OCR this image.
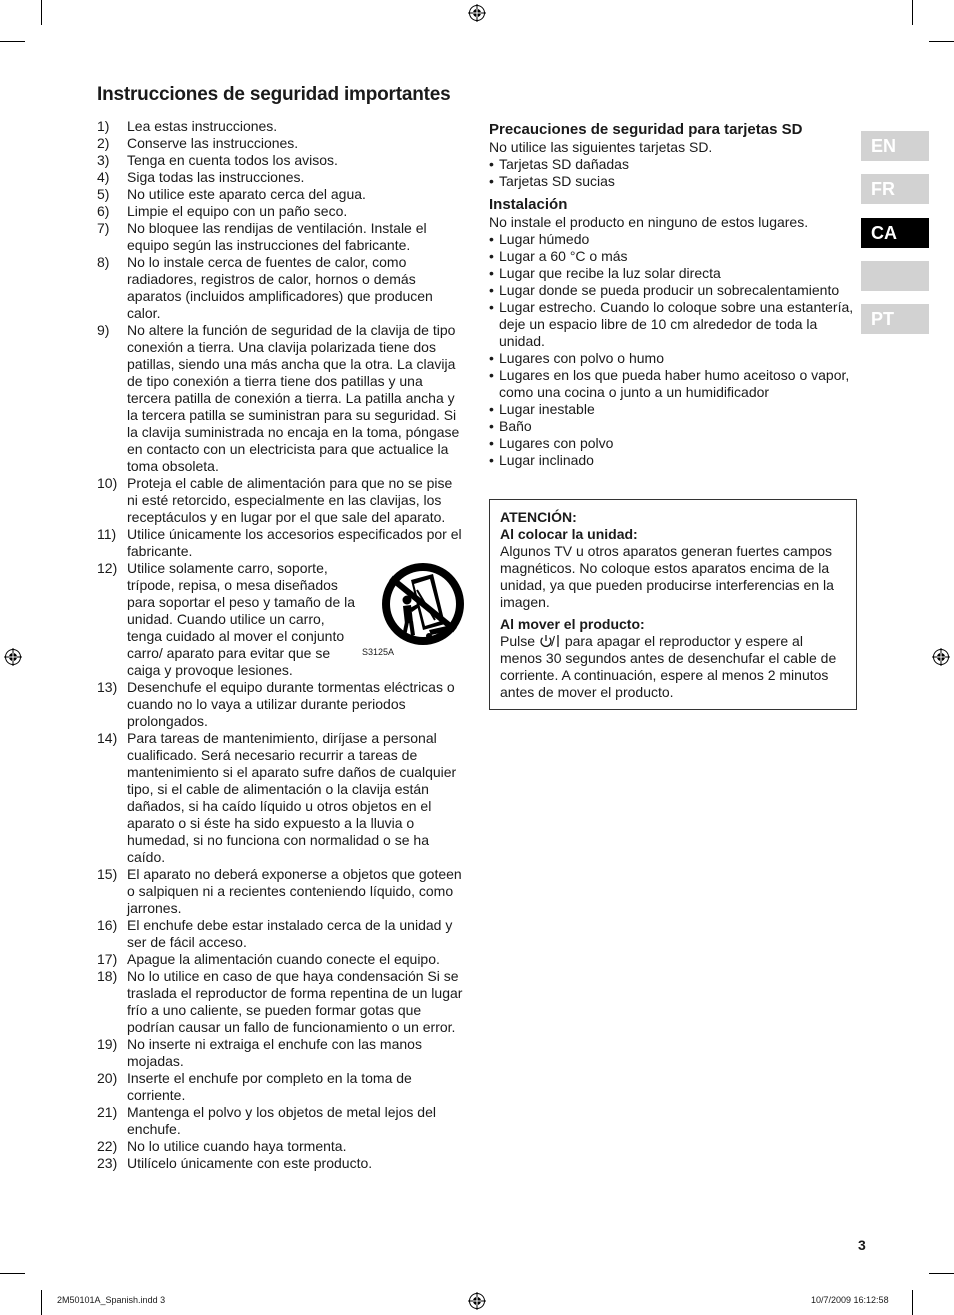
Instrucciones de seguridad importantes
1) Lea estas instrucciones.
2) Conserve las instrucciones.
3) Tenga en cuenta todos los avisos.
4) Siga todas las instrucciones.
5) No utilice este aparato cerca del agua.
6) Limpie el equipo con un paño seco.
7) No bloquee las rendijas de ventilación. Instale el equipo según las instrucciones del fabricante.
8) No lo instale cerca de fuentes de calor, como radiadores, registros de calor, hornos o demás aparatos (incluidos amplificadores) que producen calor.
9) No altere la función de seguridad de la clavija de tipo conexión a tierra. Una clavija polarizada tiene dos patillas, siendo una más ancha que la otra. La clavija de tipo conexión a tierra tiene dos patillas y una tercera patilla de conexión a tierra. La patilla ancha y la tercera patilla se suministran para su seguridad. Si la clavija suministrada no encaja en la toma, póngase en contacto con un electricista para que actualice la toma obsoleta.
10) Proteja el cable de alimentación para que no se pise ni esté retorcido, especialmente en las clavijas, los receptáculos y en lugar por el que sale del aparato.
11) Utilice únicamente los accesorios especificados por el fabricante.
12)
S3125A
Utilice solamente carro, soporte, trípode, repisa, o mesa diseñados para soportar el peso y tamaño de la unidad. Cuando utilice un carro, tenga cuidado al mover el conjunto carro/ aparato para evitar que se caiga y provoque lesiones.
13) Desenchufe el equipo durante tormentas eléctricas o cuando no lo vaya a utilizar durante periodos prolongados.
14) Para tareas de mantenimiento, diríjase a personal cualificado. Será necesario recurrir a tareas de mantenimiento si el aparato sufre daños de cualquier tipo, si el cable de alimentación o la clavija están dañados, si ha caído líquido u otros objetos en el aparato o si éste ha sido expuesto a la lluvia o humedad, si no funciona con normalidad o se ha caído.
15) El aparato no deberá exponerse a objetos que goteen o salpiquen ni a recientes conteniendo líquido, como jarrones.
16) El enchufe debe estar instalado cerca de la unidad y ser de fácil acceso.
17) Apague la alimentación cuando conecte el equipo.
18) No lo utilice en caso de que haya condensación Si se traslada el reproductor de forma repentina de un lugar frío a uno caliente, se pueden formar gotas que podrían causar un fallo de funcionamiento o un error.
19) No inserte ni extraiga el enchufe con las manos mojadas.
20) Inserte el enchufe por completo en la toma de corriente.
21) Mantenga el polvo y los objetos de metal lejos del enchufe.
22) No lo utilice cuando haya tormenta.
23) Utilícelo únicamente con este producto.
Precauciones de seguridad para tarjetas SD

No utilice las siguientes tarjetas SD.

• Tarjetas SD dañadas
• Tarjetas SD sucias
Instalación

No instale el producto en ninguno de estos lugares.

• Lugar húmedo
• Lugar a 60 °C o más
• Lugar que recibe la luz solar directa
• Lugar donde se pueda producir un sobrecalentamiento
• Lugar estrecho. Cuando lo coloque sobre una estantería, deje un espacio libre de 10 cm alrededor de toda la unidad.
• Lugares con polvo o humo
• Lugares en los que pueda haber humo aceitoso o vapor, como una cocina o junto a un humidificador
• Lugar inestable
• Baño
• Lugares con polvo
• Lugar inclinado
ATENCIÓN:
Al colocar la unidad:
Algunos TV u otros aparatos generan fuertes campos magnéticos. No coloque estos aparatos encima de la unidad, ya que pueden producirse interferencias en la imagen.
Al mover el producto:
Pulse para apagar el reproductor y espere al menos 30 segundos antes de desenchufar el cable de corriente. A continuación, espere al menos 2 minutos antes de mover el producto.
EN
FR
CA
PT
3
2M50101A_Spanish.indd 3	10/7/2009 16:12:58
